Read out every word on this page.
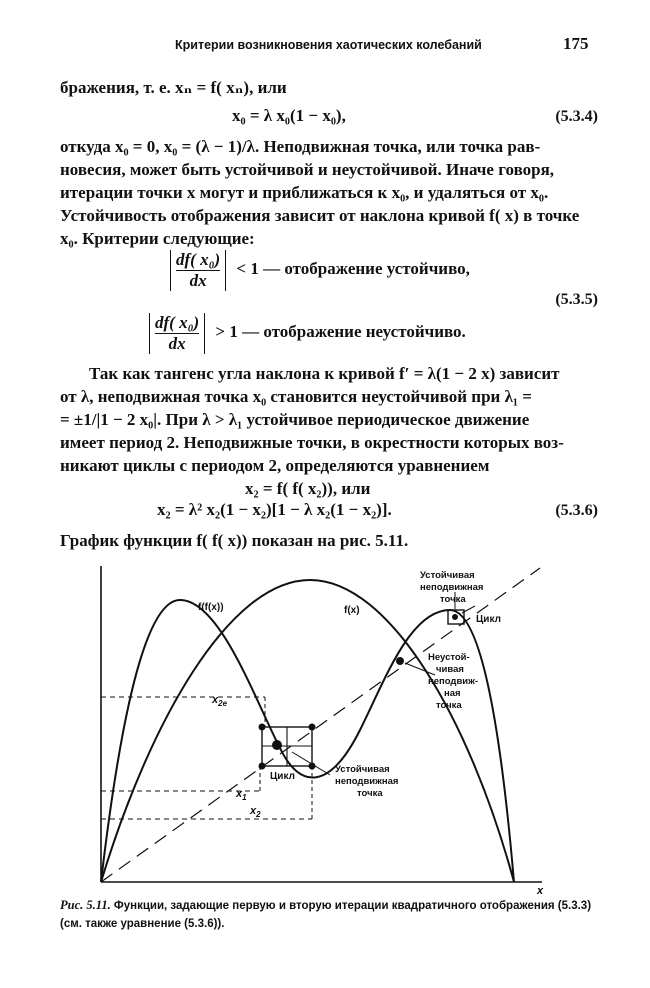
Критерии возникновения хаотических колебаний	175
бражения, т. е. xₙ = f( xₙ), или
x₀ = λ x₀(1 − x₀),	(5.3.4)
откуда x₀ = 0, x₀ = (λ − 1)/λ. Неподвижная точка, или точка рав-
новесия, может быть устойчивой и неустойчивой. Иначе говоря,
итерации точки x могут и приближаться к x₀, и удаляться от x₀.
Устойчивость отображения зависит от наклона кривой f( x) в точке
x₀. Критерии следующие:
$\frac{\text{df( x₀)}}{dx} < 1$ — отображение устойчиво,
(5.3.5)
$\frac{\text{df( x₀)}}{dx} > 1$ — отображение неустойчиво.
Так как тангенс угла наклона к кривой f′ = λ(1 − 2 x) зависит
от λ, неподвижная точка x₀ становится неустойчивой при λ₁ =
= ±1/|1 − 2 x₀|. При λ > λ₁ устойчивое периодическое движение
имеет период 2. Неподвижные точки, в окрестности которых воз-
никают циклы с периодом 2, определяются уравнением
x₂ = f( f( x₂)), или
x₂ = λ² x₂(1 − x₂)[1 − λ x₂(1 − x₂)].	(5.3.6)
График функции f( f( x)) показан на рис. 5.11.
f(f(x))	f(x)
Устойчивая
неподвижная
точка
Цикл
Неустой-
чивая
неподвиж-
ная
точка
Цикл
Устойчивая
неподвижная
точка
$x_{2e}$
$x_1$
$x_2$
x
Рис. 5.11. Функции, задающие первую и вторую итерации квадратичного отображения (5.3.3) (см. также уравнение (5.3.6)).
